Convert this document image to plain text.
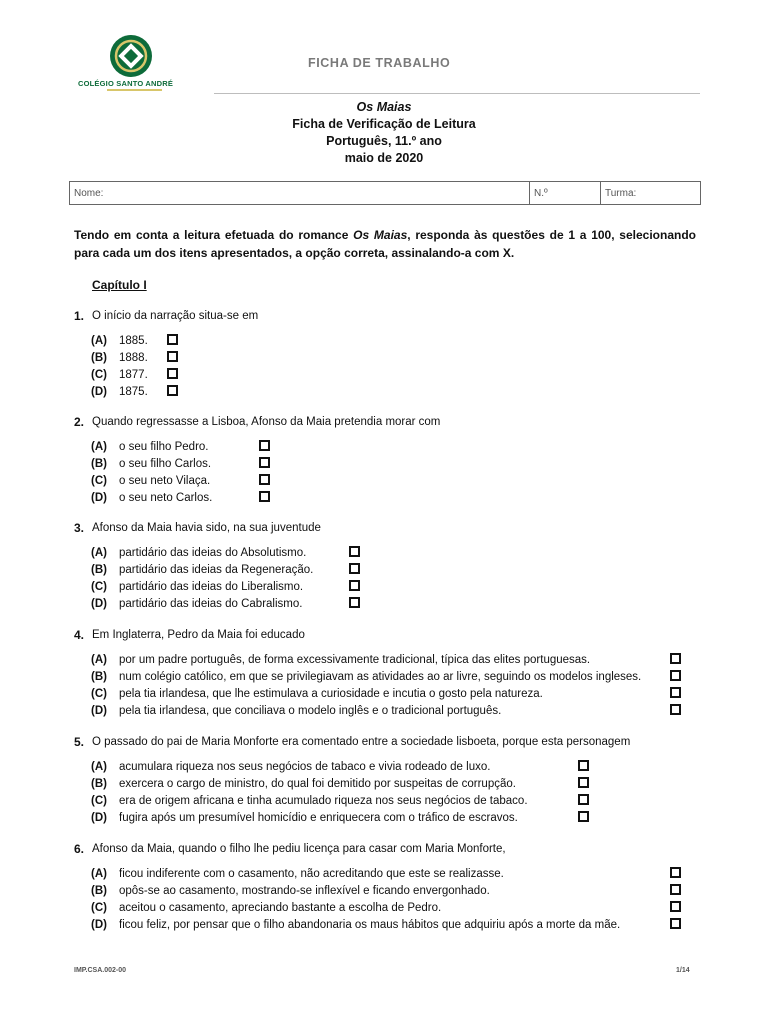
COLÉGIO SANTO ANDRÉ
FICHA DE TRABALHO
Os Maias
Ficha de Verificação de Leitura
Português, 11.º ano
maio de 2020
Nome:	N.º	Turma:
Tendo em conta a leitura efetuada do romance Os Maias, responda às questões de 1 a 100, selecionando para cada um dos itens apresentados, a opção correta, assinalando-a com X.
Capítulo I
1. O início da narração situa-se em
(A)	1885.
(B)	1888.
(C)	1877.
(D)	1875.
2. Quando regressasse a Lisboa, Afonso da Maia pretendia morar com
(A)	o seu filho Pedro.
(B)	o seu filho Carlos.
(C)	o seu neto Vilaça.
(D)	o seu neto Carlos.
3. Afonso da Maia havia sido, na sua juventude
(A)	partidário das ideias do Absolutismo.
(B)	partidário das ideias da Regeneração.
(C)	partidário das ideias do Liberalismo.
(D)	partidário das ideias do Cabralismo.
4. Em Inglaterra, Pedro da Maia foi educado
(A)	por um padre português, de forma excessivamente tradicional, típica das elites portuguesas.
(B)	num colégio católico, em que se privilegiavam as atividades ao ar livre, seguindo os modelos ingleses.
(C)	pela tia irlandesa, que lhe estimulava a curiosidade e incutia o gosto pela natureza.
(D)	pela tia irlandesa, que conciliava o modelo inglês e o tradicional português.
5. O passado do pai de Maria Monforte era comentado entre a sociedade lisboeta, porque esta personagem
(A)	acumulara riqueza nos seus negócios de tabaco e vivia rodeado de luxo.
(B)	exercera o cargo de ministro, do qual foi demitido por suspeitas de corrupção.
(C)	era de origem africana e tinha acumulado riqueza nos seus negócios de tabaco.
(D)	fugira após um presumível homicídio e enriquecera com o tráfico de escravos.
6. Afonso da Maia, quando o filho lhe pediu licença para casar com Maria Monforte,
(A)	ficou indiferente com o casamento, não acreditando que este se realizasse.
(B)	opôs-se ao casamento, mostrando-se inflexível e ficando envergonhado.
(C)	aceitou o casamento, apreciando bastante a escolha de Pedro.
(D)	ficou feliz, por pensar que o filho abandonaria os maus hábitos que adquiriu após a morte da mãe.
IMP.CSA.002-00	1/14
